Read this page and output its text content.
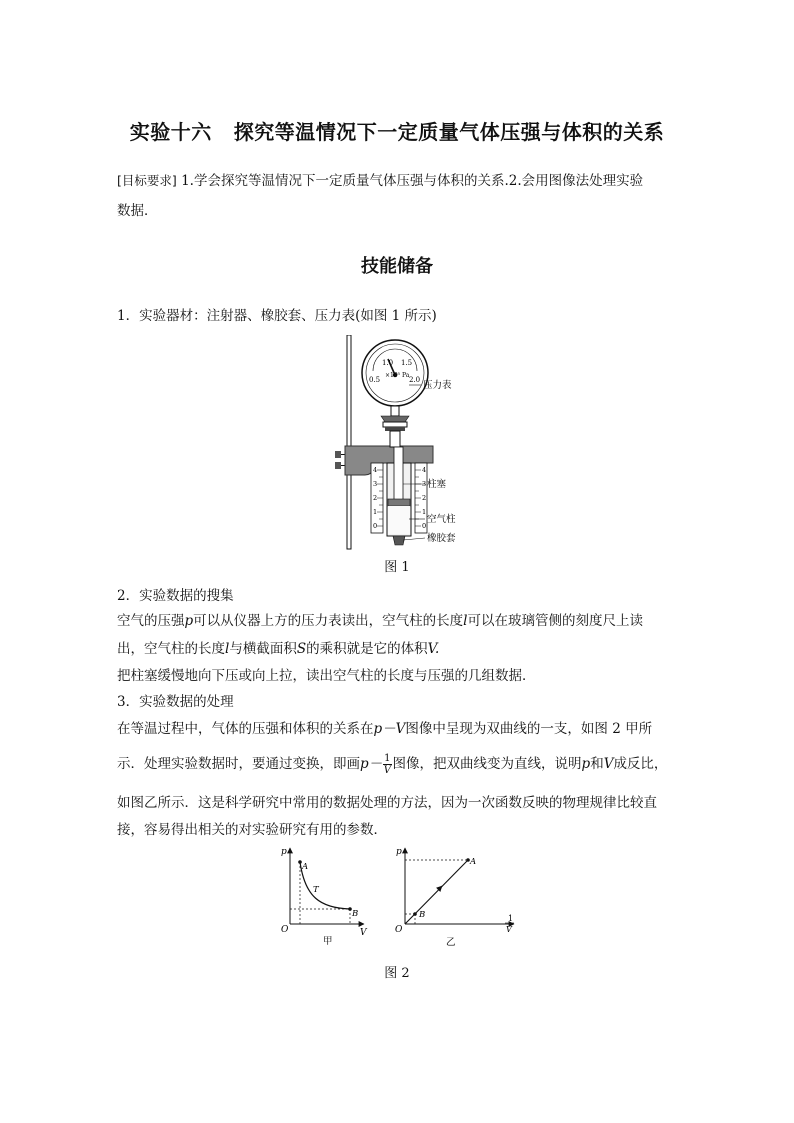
实验十六 探究等温情况下一定质量气体压强与体积的关系
[目标要求] 1.学会探究等温情况下一定质量气体压强与体积的关系.2.会用图像法处理实验
数据．
技能储备
1．实验器材：注射器、橡胶套、压力表(如图 1 所示)
0.5
1.0 1.5
2.0
×10⁵ Pa
4
3
2
1
0
4
3
2
1
0
压力表
柱塞
空气柱
橡胶套
图 1
2．实验数据的搜集
空气的压强p可以从仪器上方的压力表读出，空气柱的长度l可以在玻璃管侧的刻度尺上读
出，空气柱的长度l与横截面积S的乘积就是它的体积V.
把柱塞缓慢地向下压或向上拉，读出空气柱的长度与压强的几组数据．
3．实验数据的处理
在等温过程中，气体的压强和体积的关系在p－V图像中呈现为双曲线的一支，如图 2 甲所
示．处理实验数据时，要通过变换，即画$p- \frac{1}{V}$ 图像，把双曲线变为直线，说明p和V成反比，
如图乙所示．这是科学研究中常用的数据处理的方法，因为一次函数反映的物理规律比较直
接，容易得出相关的对实验研究有用的参数．
p
V
O
A
T
B
甲
p
1
V
O
A
B
乙
图 2
